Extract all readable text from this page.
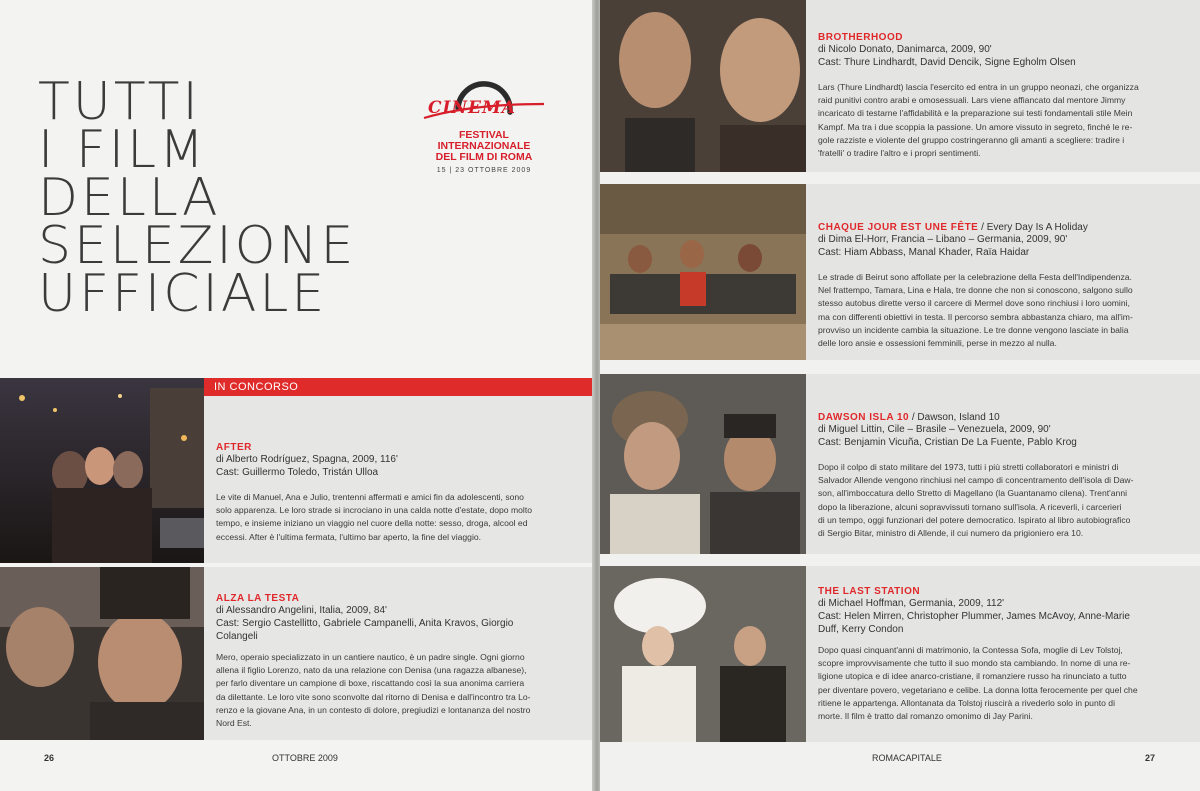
TUTTI
I FILM
DELLA
SELEZIONE
UFFICIALE
CINEMA
FESTIVAL
INTERNAZIONALE
DEL FILM DI ROMA
15 | 23 OTTOBRE 2009
IN CONCORSO
AFTER
di Alberto Rodríguez, Spagna, 2009, 116'
Cast: Guillermo Toledo, Tristán Ulloa
Le vite di Manuel, Ana e Julio, trentenni affermati e amici fin da adolescenti, sono
solo apparenza. Le loro strade si incrociano in una calda notte d'estate, dopo molto
tempo, e insieme iniziano un viaggio nel cuore della notte: sesso, droga, alcool ed
eccessi. After è l'ultima fermata, l'ultimo bar aperto, la fine del viaggio.
ALZA LA TESTA
di Alessandro Angelini, Italia, 2009, 84'
Cast: Sergio Castellitto, Gabriele Campanelli, Anita Kravos, Giorgio
Colangeli
Mero, operaio specializzato in un cantiere nautico, è un padre single. Ogni giorno
allena il figlio Lorenzo, nato da una relazione con Denisa (una ragazza albanese),
per farlo diventare un campione di boxe, riscattando così la sua anonima carriera
da dilettante. Le loro vite sono sconvolte dal ritorno di Denisa e dall'incontro tra Lo-
renzo e la giovane Ana, in un contesto di dolore, pregiudizi e lontananza del nostro
Nord Est.
26	OTTOBRE 2009
BROTHERHOOD
di Nicolo Donato, Danimarca, 2009, 90'
Cast: Thure Lindhardt, David Dencik, Signe Egholm Olsen
Lars (Thure Lindhardt) lascia l'esercito ed entra in un gruppo neonazi, che organizza
raid punitivi contro arabi e omosessuali. Lars viene affiancato dal mentore Jimmy
incaricato di testarne l'affidabilità e la preparazione sui testi fondamentali stile Mein
Kampf. Ma tra i due scoppia la passione. Un amore vissuto in segreto, finché le re-
gole razziste e violente del gruppo costringeranno gli amanti a scegliere: tradire i
'fratelli' o tradire l'altro e i propri sentimenti.
CHAQUE JOUR EST UNE FÊTE / Every Day Is A Holiday
di Dima El-Horr, Francia – Libano – Germania, 2009, 90'
Cast: Hiam Abbass, Manal Khader, Raïa Haidar
Le strade di Beirut sono affollate per la celebrazione della Festa dell'Indipendenza.
Nel frattempo, Tamara, Lina e Hala, tre donne che non si conoscono, salgono sullo
stesso autobus dirette verso il carcere di Mermel dove sono rinchiusi i loro uomini,
ma con differenti obiettivi in testa. Il percorso sembra abbastanza chiaro, ma all'im-
provviso un incidente cambia la situazione. Le tre donne vengono lasciate in balia
delle loro ansie e ossessioni femminili, perse in mezzo al nulla.
DAWSON ISLA 10 / Dawson, Island 10
di Miguel Littin, Cile – Brasile – Venezuela, 2009, 90'
Cast: Benjamin Vicuña, Cristian De La Fuente, Pablo Krog
Dopo il colpo di stato militare del 1973, tutti i più stretti collaboratori e ministri di
Salvador Allende vengono rinchiusi nel campo di concentramento dell'isola di Daw-
son, all'imboccatura dello Stretto di Magellano (la Guantanamo cilena). Trent'anni
dopo la liberazione, alcuni sopravvissuti tornano sull'isola. A riceverli, i carcerieri
di un tempo, oggi funzionari del potere democratico. Ispirato al libro autobiografico
di Sergio Bitar, ministro di Allende, il cui numero da prigioniero era 10.
THE LAST STATION
di Michael Hoffman, Germania, 2009, 112'
Cast: Helen Mirren, Christopher Plummer, James McAvoy, Anne-Marie
Duff, Kerry Condon
Dopo quasi cinquant'anni di matrimonio, la Contessa Sofa, moglie di Lev Tolstoj,
scopre improvvisamente che tutto il suo mondo sta cambiando. In nome di una re-
ligione utopica e di idee anarco-cristiane, il romanziere russo ha rinunciato a tutto
per diventare povero, vegetariano e celibe. La donna lotta ferocemente per quel che
ritiene le appartenga. Allontanata da Tolstoj riuscirà a rivederlo solo in punto di
morte. Il film è tratto dal romanzo omonimo di Jay Parini.
ROMACAPITALE	27
